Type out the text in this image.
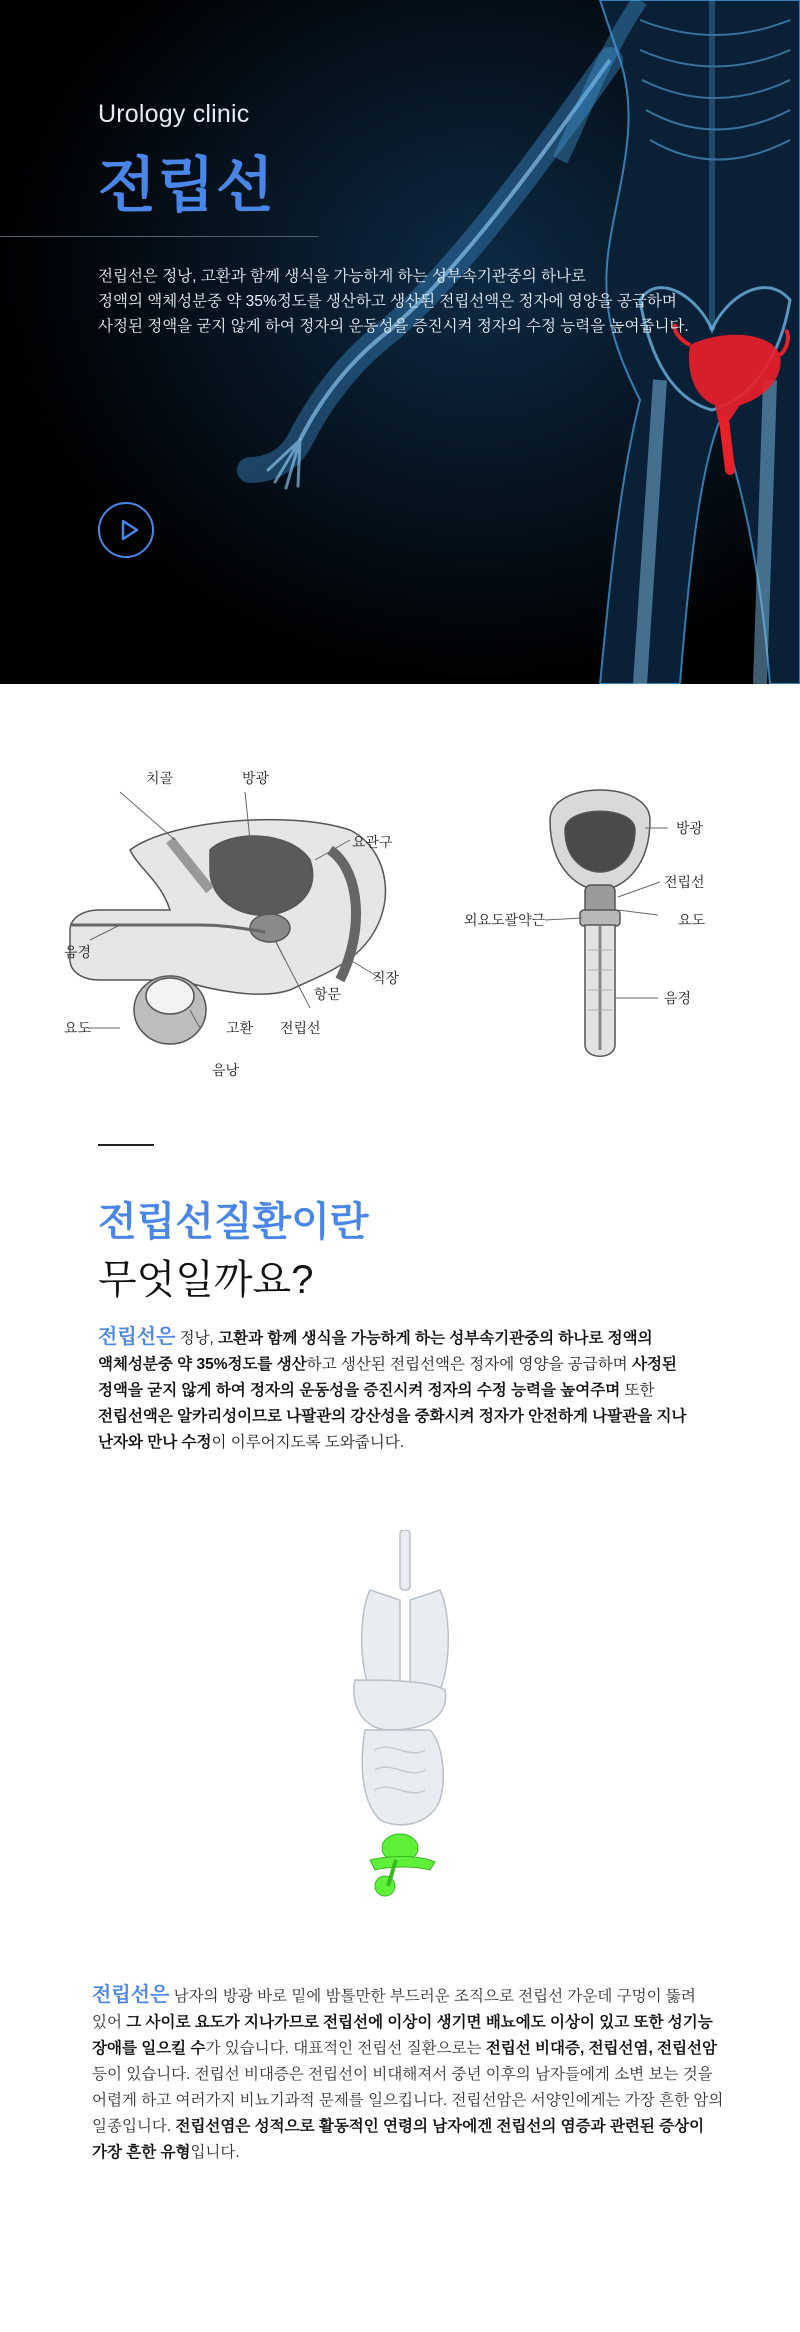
Urology clinic
전립선

전립선은 정낭, 고환과 함께 생식을 가능하게 하는 성부속기관중의 하나로

정액의 액체성분중 약 35%정도를 생산하고 생산된 전립선액은 정자에 영양을 공급하며

사정된 정액을 굳지 않게 하여 정자의 운동성을 증진시켜 정자의 수정 능력을 높여줍니다.

치골	방광
요관구
음경
직장
항문
요도	고환 전립선
음낭
방광
전립선
외요도괄약근	요도
음경
전립선질환이란
무엇일까요?

전립선은 정낭, 고환과 함께 생식을 가능하게 하는 성부속기관중의 하나로 정액의

액체성분중 약 35%정도를 생산하고 생산된 전립선액은 정자에 영양을 공급하며 사정된

정액을 굳지 않게 하여 정자의 운동성을 증진시켜 정자의 수정 능력을 높여주며 또한

전립선액은 알카리성이므로 나팔관의 강산성을 중화시켜 정자가 안전하게 나팔관을 지나

난자와 만나 수정이 이루어지도록 도와줍니다.

전립선은 남자의 방광 바로 밑에 밤톨만한 부드러운 조직으로 전립선 가운데 구멍이 뚫려

있어 그 사이로 요도가 지나가므로 전립선에 이상이 생기면 배뇨에도 이상이 있고 또한 성기능

장애를 일으킬 수가 있습니다. 대표적인 전립선 질환으로는 전립선 비대증, 전립선염, 전립선암

등이 있습니다. 전립선 비대증은 전립선이 비대해져서 중년 이후의 남자들에게 소변 보는 것을

어렵게 하고 여러가지 비뇨기과적 문제를 일으킵니다. 전립선암은 서양인에게는 가장 흔한 암의

일종입니다. 전립선염은 성적으로 활동적인 연령의 남자에겐 전립선의 염증과 관련된 증상이

가장 흔한 유형입니다.
